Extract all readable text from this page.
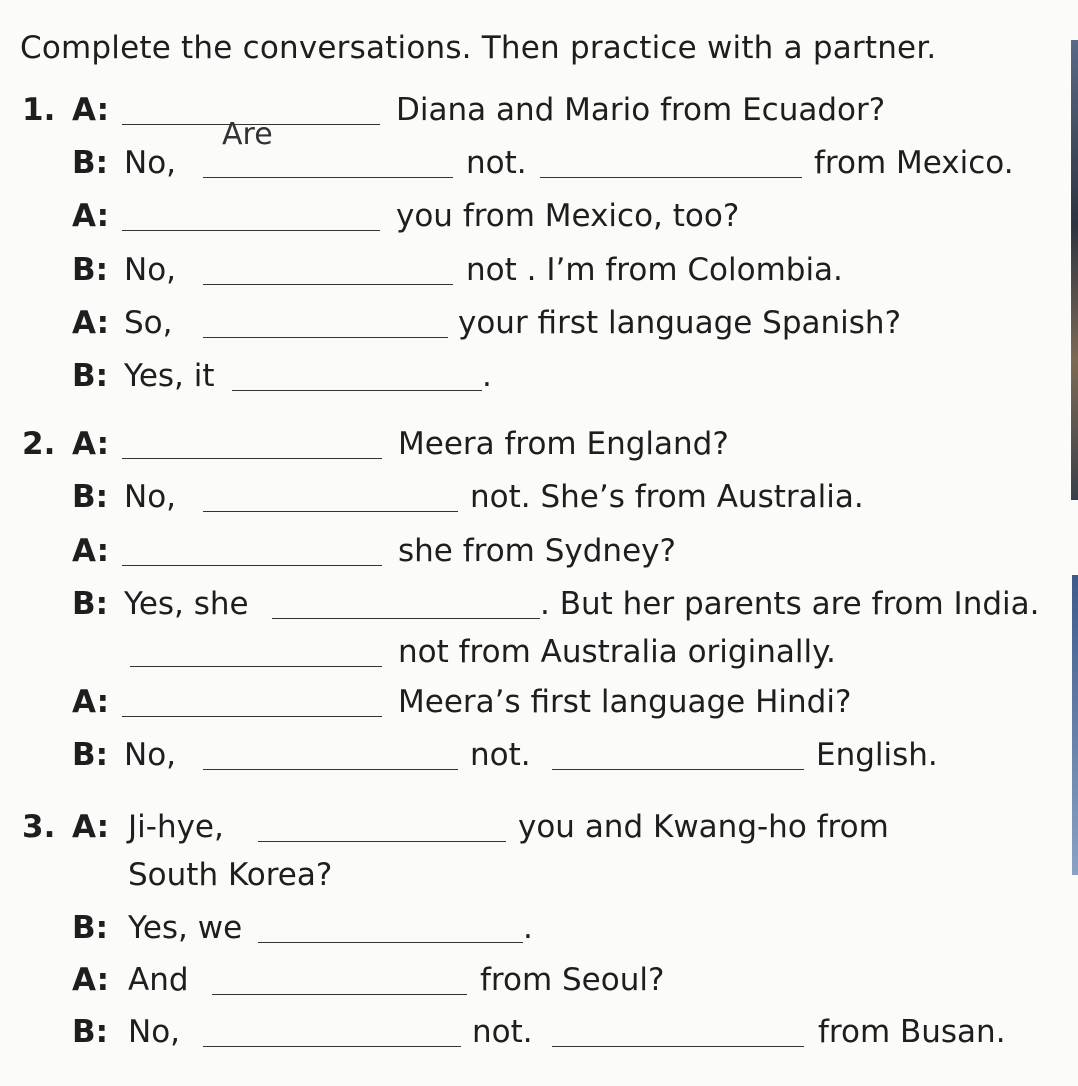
Complete the conversations. Then practice with a partner.
1. A:
Are
Diana and Mario from Ecuador?
B: No,	not.	from Mexico.
A:	you from Mexico, too?
B: No,	not . I’m from Colombia.
A: So,	your first language Spanish?
B: Yes, it	.
2. A:	Meera from England?
B: No,	not. She’s from Australia.
A:	she from Sydney?
B: Yes, she	. But her parents are from India.
not from Australia originally.
A:	Meera’s first language Hindi?
B: No,	not.	English.
3. A: Ji-hye,	you and Kwang-ho from
South Korea?
B: Yes, we	.
A: And	from Seoul?
B: No,	not.	from Busan.
